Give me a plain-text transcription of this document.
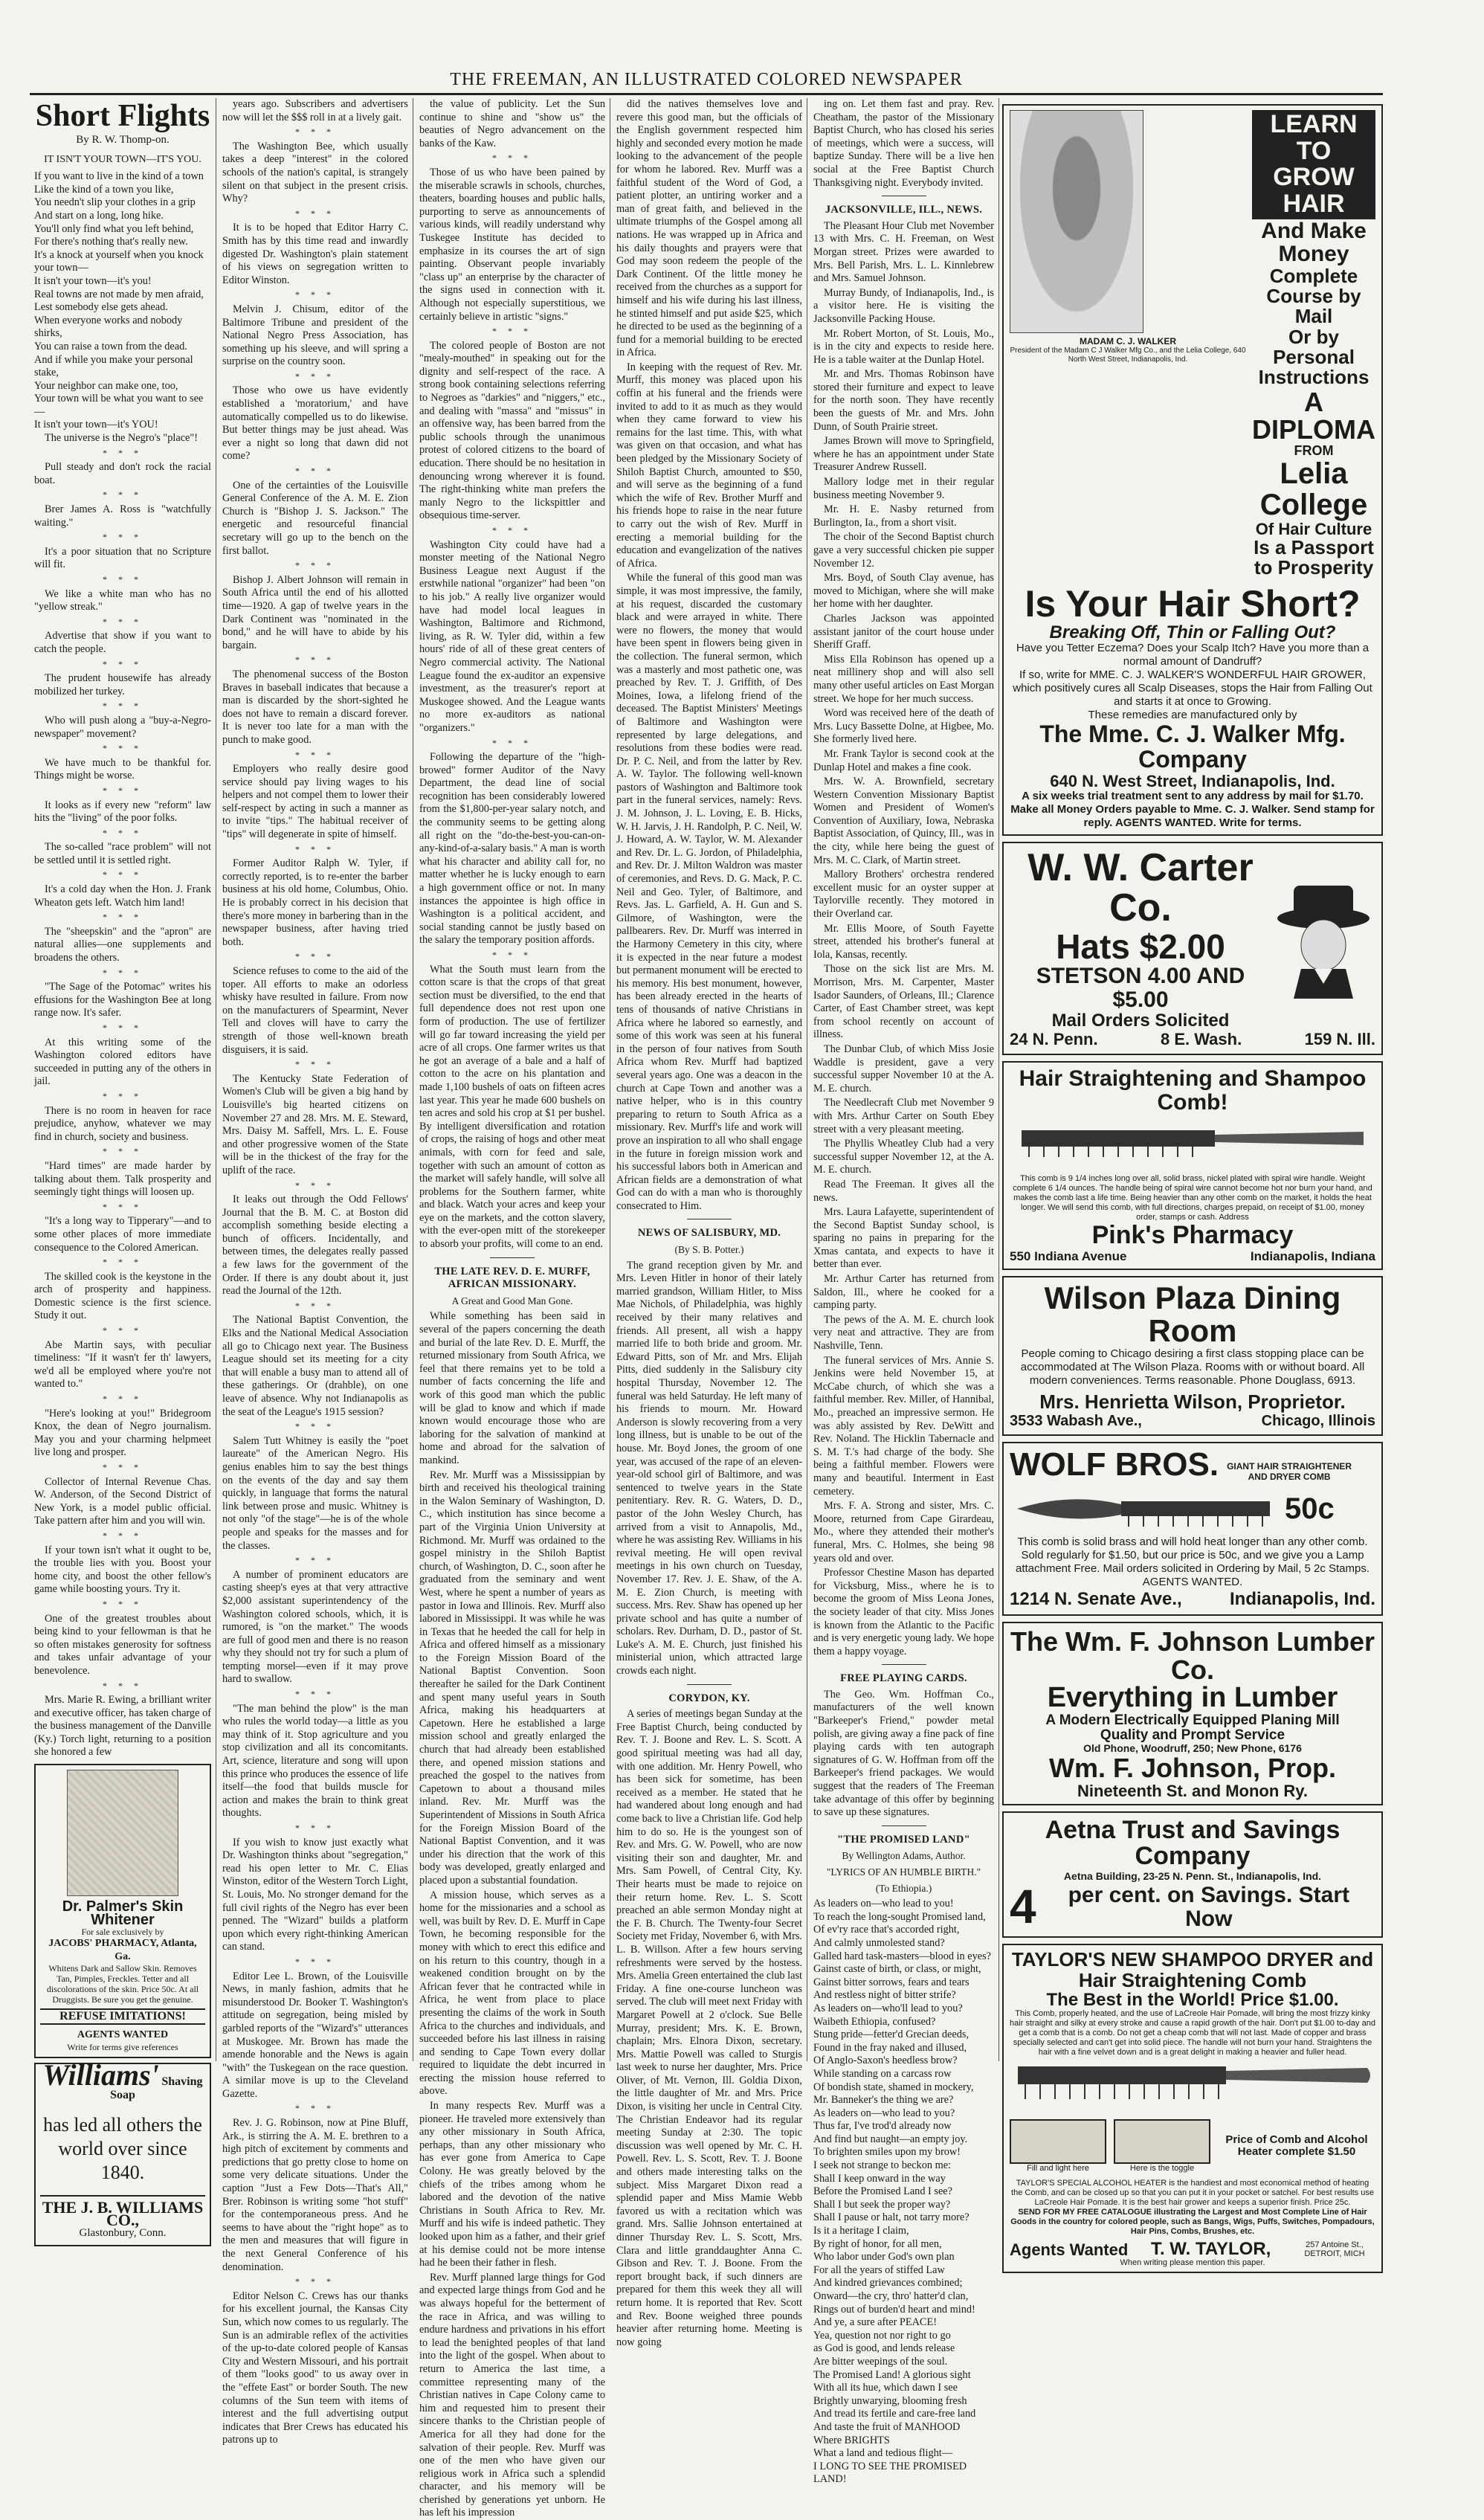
THE FREEMAN, AN ILLUSTRATED COLORED NEWSPAPER
Short Flights
By R. W. Thomp-on.
IT ISN'T YOUR TOWN—IT'S YOU.
If you want to live in the kind of a town
Like the kind of a town you like,
You needn't slip your clothes in a grip
And start on a long, long hike.
You'll only find what you left behind,
For there's nothing that's really new.
It's a knock at yourself when you knock your town—
It isn't your town—it's you!
Real towns are not made by men afraid,
Lest somebody else gets ahead.
When everyone works and nobody shirks,
You can raise a town from the dead.
And if while you make your personal stake,
Your neighbor can make one, too,
Your town will be what you want to see—
It isn't your town—it's YOU!

The universe is the Negro's "place"!

* * *

Pull steady and don't rock the racial boat.

* * *

Brer James A. Ross is "watchfully waiting."

* * *

It's a poor situation that no Scripture will fit.

* * *

We like a white man who has no "yellow streak."

* * *

Advertise that show if you want to catch the people.

* * *

The prudent housewife has already mobilized her turkey.

* * *

Who will push along a "buy-a-Negro-newspaper" movement?

* * *

We have much to be thankful for. Things might be worse.

* * *

It looks as if every new "reform" law hits the "living" of the poor folks.

* * *

The so-called "race problem" will not be settled until it is settled right.

* * *

It's a cold day when the Hon. J. Frank Wheaton gets left. Watch him land!

* * *

The "sheepskin" and the "apron" are natural allies—one supplements and broadens the others.

* * *

"The Sage of the Potomac" writes his effusions for the Washington Bee at long range now. It's safer.

* * *

At this writing some of the Washington colored editors have succeeded in putting any of the others in jail.

* * *

There is no room in heaven for race prejudice, anyhow, whatever we may find in church, society and business.

* * *

"Hard times" are made harder by talking about them. Talk prosperity and seemingly tight things will loosen up.

* * *

"It's a long way to Tipperary"—and to some other places of more immediate consequence to the Colored American.

* * *

The skilled cook is the keystone in the arch of prosperity and happiness. Domestic science is the first science. Study it out.

* * *

Abe Martin says, with peculiar timeliness: "If it wasn't fer th' lawyers, we'd all be employed where you're not wanted to."

* * *

"Here's looking at you!" Bridegroom Knox, the dean of Negro journalism. May you and your charming helpmeet live long and prosper.

* * *

Collector of Internal Revenue Chas. W. Anderson, of the Second District of New York, is a model public official. Take pattern after him and you will win.

* * *

If your town isn't what it ought to be, the trouble lies with you. Boost your home city, and boost the other fellow's game while boosting yours. Try it.

* * *

One of the greatest troubles about being kind to your fellowman is that he so often mistakes generosity for softness and takes unfair advantage of your benevolence.

* * *

Mrs. Marie R. Ewing, a brilliant writer and executive officer, has taken charge of the business management of the Danville (Ky.) Torch light, returning to a position she honored a few

Dr. Palmer's Skin Whitener
For sale exclusively by
JACOBS' PHARMACY, Atlanta, Ga.
Whitens Dark and Sallow Skin. Removes Tan, Pimples, Freckles. Tetter and all discolorations of the skin. Price 50c. At all Druggists. Be sure you get the genuine.
REFUSE IMITATIONS!
AGENTS WANTED
Write for terms give references
Williams' Shaving Soap
has led all others the world over since 1840.
THE J. B. WILLIAMS CO.,
Glastonbury, Conn.

years ago. Subscribers and advertisers now will let the $$$ roll in at a lively gait.

* * *

The Washington Bee, which usually takes a deep "interest" in the colored schools of the nation's capital, is strangely silent on that subject in the present crisis. Why?

* * *

It is to be hoped that Editor Harry C. Smith has by this time read and inwardly digested Dr. Washington's plain statement of his views on segregation written to Editor Winston.

* * *

Melvin J. Chisum, editor of the Baltimore Tribune and president of the National Negro Press Association, has something up his sleeve, and will spring a surprise on the country soon.

* * *

Those who owe us have evidently established a 'moratorium,' and have automatically compelled us to do likewise. But better things may be just ahead. Was ever a night so long that dawn did not come?

* * *

One of the certainties of the Louisville General Conference of the A. M. E. Zion Church is "Bishop J. S. Jackson." The energetic and resourceful financial secretary will go up to the bench on the first ballot.

* * *

Bishop J. Albert Johnson will remain in South Africa until the end of his allotted time—1920. A gap of twelve years in the Dark Continent was "nominated in the bond," and he will have to abide by his bargain.

* * *

The phenomenal success of the Boston Braves in baseball indicates that because a man is discarded by the short-sighted he does not have to remain a discard forever. It is never too late for a man with the punch to make good.

* * *

Employers who really desire good service should pay living wages to his helpers and not compel them to lower their self-respect by acting in such a manner as to invite "tips." The habitual receiver of "tips" will degenerate in spite of himself.

* * *

Former Auditor Ralph W. Tyler, if correctly reported, is to re-enter the barber business at his old home, Columbus, Ohio. He is probably correct in his decision that there's more money in barbering than in the newspaper business, after having tried both.

* * *

Science refuses to come to the aid of the toper. All efforts to make an odorless whisky have resulted in failure. From now on the manufacturers of Spearmint, Never Tell and cloves will have to carry the strength of those well-known breath disguisers, it is said.

* * *

The Kentucky State Federation of Women's Club will be given a big hand by Louisville's big hearted citizens on November 27 and 28. Mrs. M. E. Steward, Mrs. Daisy M. Saffell, Mrs. L. E. Fouse and other progressive women of the State will be in the thickest of the fray for the uplift of the race.

* * *

It leaks out through the Odd Fellows' Journal that the B. M. C. at Boston did accomplish something beside electing a bunch of officers. Incidentally, and between times, the delegates really passed a few laws for the government of the Order. If there is any doubt about it, just read the Journal of the 12th.

* * *

The National Baptist Convention, the Elks and the National Medical Association all go to Chicago next year. The Business League should set its meeting for a city that will enable a busy man to attend all of these gatherings. Or (drahble), on one leave of absence. Why not Indianapolis as the seat of the League's 1915 session?

* * *

Salem Tutt Whitney is easily the "poet laureate" of the American Negro. His genius enables him to say the best things on the events of the day and say them quickly, in language that forms the natural link between prose and music. Whitney is not only "of the stage"—he is of the whole people and speaks for the masses and for the classes.

* * *

A number of prominent educators are casting sheep's eyes at that very attractive $2,000 assistant superintendency of the Washington colored schools, which, it is rumored, is "on the market." The woods are full of good men and there is no reason why they should not try for such a plum of tempting morsel—even if it may prove hard to swallow.

* * *

"The man behind the plow" is the man who rules the world today—a little as you may think of it. Stop agriculture and you stop civilization and all its concomitants. Art, science, literature and song will upon this prince who produces the essence of life itself—the food that builds muscle for action and makes the brain to think great thoughts.

* * *

If you wish to know just exactly what Dr. Washington thinks about "segregation," read his open letter to Mr. C. Elias Winston, editor of the Western Torch Light, St. Louis, Mo. No stronger demand for the full civil rights of the Negro has ever been penned. The "Wizard" builds a platform upon which every right-thinking American can stand.

* * *

Editor Lee L. Brown, of the Louisville News, in manly fashion, admits that he misunderstood Dr. Booker T. Washington's attitude on segregation, being misled by garbled reports of the "Wizard's" utterances at Muskogee. Mr. Brown has made the amende honorable and the News is again "with" the Tuskegean on the race question. A similar move is up to the Cleveland Gazette.

* * *

Rev. J. G. Robinson, now at Pine Bluff, Ark., is stirring the A. M. E. brethren to a high pitch of excitement by comments and predictions that go pretty close to home on some very delicate situations. Under the caption "Just a Few Dots—That's All," Brer. Robinson is writing some "hot stuff" for the contemporaneous press. And he seems to have about the "right hope" as to the men and measures that will figure in the next General Conference of his denomination.

* * *

Editor Nelson C. Crews has our thanks for his excellent journal, the Kansas City Sun, which now comes to us regularly. The Sun is an admirable reflex of the activities of the up-to-date colored people of Kansas City and Western Missouri, and his portrait of them "looks good" to us away over in the "effete East" or border South. The new columns of the Sun teem with items of interest and the full advertising output indicates that Brer Crews has educated his patrons up to

the value of publicity. Let the Sun continue to shine and "show us" the beauties of Negro advancement on the banks of the Kaw.

* * *

Those of us who have been pained by the miserable scrawls in schools, churches, theaters, boarding houses and public halls, purporting to serve as announcements of various kinds, will readily understand why Tuskegee Institute has decided to emphasize in its courses the art of sign painting. Observant people invariably "class up" an enterprise by the character of the signs used in connection with it. Although not especially superstitious, we certainly believe in artistic "signs."

* * *

The colored people of Boston are not "mealy-mouthed" in speaking out for the dignity and self-respect of the race. A strong book containing selections referring to Negroes as "darkies" and "niggers," etc., and dealing with "massa" and "missus" in an offensive way, has been barred from the public schools through the unanimous protest of colored citizens to the board of education. There should be no hesitation in denouncing wrong wherever it is found. The right-thinking white man prefers the manly Negro to the lickspittler and obsequious time-server.

* * *

Washington City could have had a monster meeting of the National Negro Business League next August if the erstwhile national "organizer" had been "on to his job." A really live organizer would have had model local leagues in Washington, Baltimore and Richmond, living, as R. W. Tyler did, within a few hours' ride of all of these great centers of Negro commercial activity. The National League found the ex-auditor an expensive investment, as the treasurer's report at Muskogee showed. And the League wants no more ex-auditors as national "organizers."

* * *

Following the departure of the "high-browed" former Auditor of the Navy Department, the dead line of social recognition has been considerably lowered from the $1,800-per-year salary notch, and the community seems to be getting along all right on the "do-the-best-you-can-on-any-kind-of-a-salary basis." A man is worth what his character and ability call for, no matter whether he is lucky enough to earn a high government office or not. In many instances the appointee is high office in Washington is a political accident, and social standing cannot be justly based on the salary the temporary position affords.

* * *

What the South must learn from the cotton scare is that the crops of that great section must be diversified, to the end that full dependence does not rest upon one form of production. The use of fertilizer will go far toward increasing the yield per acre of all crops. One farmer writes us that he got an average of a bale and a half of cotton to the acre on his plantation and made 1,100 bushels of oats on fifteen acres last year. This year he made 600 bushels on ten acres and sold his crop at $1 per bushel. By intelligent diversification and rotation of crops, the raising of hogs and other meat animals, with corn for feed and sale, together with such an amount of cotton as the market will safely handle, will solve all problems for the Southern farmer, white and black. Watch your acres and keep your eye on the markets, and the cotton slavery, with the ever-open mitt of the storekeeper to absorb your profits, will come to an end.

THE LATE REV. D. E. MURFF, AFRICAN MISSIONARY.
A Great and Good Man Gone.

While something has been said in several of the papers concerning the death and burial of the late Rev. D. E. Murff, the returned missionary from South Africa, we feel that there remains yet to be told a number of facts concerning the life and work of this good man which the public will be glad to know and which if made known would encourage those who are laboring for the salvation of mankind at home and abroad for the salvation of mankind.

Rev. Mr. Murff was a Mississippian by birth and received his theological training in the Walon Seminary of Washington, D. C., which institution has since become a part of the Virginia Union University at Richmond. Mr. Murff was ordained to the gospel ministry in the Shiloh Baptist church, of Washington, D. C., soon after he graduated from the seminary and went West, where he spent a number of years as pastor in Iowa and Illinois. Rev. Murff also labored in Mississippi. It was while he was in Texas that he heeded the call for help in Africa and offered himself as a missionary to the Foreign Mission Board of the National Baptist Convention. Soon thereafter he sailed for the Dark Continent and spent many useful years in South Africa, making his headquarters at Capetown. Here he established a large mission school and greatly enlarged the church that had already been established there, and opened mission stations and preached the gospel to the natives from Capetown to about a thousand miles inland. Rev. Mr. Murff was the Superintendent of Missions in South Africa for the Foreign Mission Board of the National Baptist Convention, and it was under his direction that the work of this body was developed, greatly enlarged and placed upon a substantial foundation.

A mission house, which serves as a home for the missionaries and a school as well, was built by Rev. D. E. Murff in Cape Town, he becoming responsible for the money with which to erect this edifice and on his return to this country, though in a weakened condition brought on by the African fever that he contracted while in Africa, he went from place to place presenting the claims of the work in South Africa to the churches and individuals, and succeeded before his last illness in raising and sending to Cape Town every dollar required to liquidate the debt incurred in erecting the mission house referred to above.

In many respects Rev. Murff was a pioneer. He traveled more extensively than any other missionary in South Africa, perhaps, than any other missionary who has ever gone from America to Cape Colony. He was greatly beloved by the chiefs of the tribes among whom he labored and the devotion of the native Christians in South Africa to Rev. Mr. Murff and his wife is indeed pathetic. They looked upon him as a father, and their grief at his demise could not be more intense had he been their father in flesh.

Rev. Murff planned large things for God and expected large things from God and he was always hopeful for the betterment of the race in Africa, and was willing to endure hardness and privations in his effort to lead the benighted peoples of that land into the light of the gospel. When about to return to America the last time, a committee representing many of the Christian natives in Cape Colony came to him and requested him to present their sincere thanks to the Christian people of America for all they had done for the salvation of their people. Rev. Murff was one of the men who have given our religious work in Africa such a splendid character, and his memory will be cherished by generations yet unborn. He has left his impression

did the natives themselves love and revere this good man, but the officials of the English government respected him highly and seconded every motion he made looking to the advancement of the people for whom he labored. Rev. Murff was a faithful student of the Word of God, a patient plotter, an untiring worker and a man of great faith, and believed in the ultimate triumphs of the Gospel among all nations. He was wrapped up in Africa and his daily thoughts and prayers were that God may soon redeem the people of the Dark Continent. Of the little money he received from the churches as a support for himself and his wife during his last illness, he stinted himself and put aside $25, which he directed to be used as the beginning of a fund for a memorial building to be erected in Africa.

In keeping with the request of Rev. Mr. Murff, this money was placed upon his coffin at his funeral and the friends were invited to add to it as much as they would when they came forward to view his remains for the last time. This, with what was given on that occasion, and what has been pledged by the Missionary Society of Shiloh Baptist Church, amounted to $50, and will serve as the beginning of a fund which the wife of Rev. Brother Murff and his friends hope to raise in the near future to carry out the wish of Rev. Murff in erecting a memorial building for the education and evangelization of the natives of Africa.

While the funeral of this good man was simple, it was most impressive, the family, at his request, discarded the customary black and were arrayed in white. There were no flowers, the money that would have been spent in flowers being given in the collection. The funeral sermon, which was a masterly and most pathetic one, was preached by Rev. T. J. Griffith, of Des Moines, Iowa, a lifelong friend of the deceased. The Baptist Ministers' Meetings of Baltimore and Washington were represented by large delegations, and resolutions from these bodies were read. Dr. P. C. Neil, and from the latter by Rev. A. W. Taylor. The following well-known pastors of Washington and Baltimore took part in the funeral services, namely: Revs. J. M. Johnson, J. L. Loving, E. B. Hicks, W. H. Jarvis, J. H. Randolph, P. C. Neil, W. J. Howard, A. W. Taylor, W. M. Alexander and Rev. Dr. L. G. Jordon, of Philadelphia, and Rev. Dr. J. Milton Waldron was master of ceremonies, and Revs. D. G. Mack, P. C. Neil and Geo. Tyler, of Baltimore, and Revs. Jas. L. Garfield, A. H. Gun and S. Gilmore, of Washington, were the pallbearers. Rev. Dr. Murff was interred in the Harmony Cemetery in this city, where it is expected in the near future a modest but permanent monument will be erected to his memory. His best monument, however, has been already erected in the hearts of tens of thousands of native Christians in Africa where he labored so earnestly, and some of this work was seen at his funeral in the person of four natives from South Africa whom Rev. Murff had baptized several years ago. One was a deacon in the church at Cape Town and another was a native helper, who is in this country preparing to return to South Africa as a missionary. Rev. Murff's life and work will prove an inspiration to all who shall engage in the future in foreign mission work and his successful labors both in American and African fields are a demonstration of what God can do with a man who is thoroughly consecrated to Him.

NEWS OF SALISBURY, MD.
(By S. B. Potter.)

The grand reception given by Mr. and Mrs. Leven Hitler in honor of their lately married grandson, William Hitler, to Miss Mae Nichols, of Philadelphia, was highly received by their many relatives and friends. All present, all wish a happy married life to both bride and groom. Mr. Edward Pitts, son of Mr. and Mrs. Elijah Pitts, died suddenly in the Salisbury city hospital Thursday, November 12. The funeral was held Saturday. He left many of his friends to mourn. Mr. Howard Anderson is slowly recovering from a very long illness, but is unable to be out of the house. Mr. Boyd Jones, the groom of one year, was accused of the rape of an eleven-year-old school girl of Baltimore, and was sentenced to twelve years in the State penitentiary. Rev. R. G. Waters, D. D., pastor of the John Wesley Church, has arrived from a visit to Annapolis, Md., where he was assisting Rev. Williams in his revival meeting. He will open revival meetings in his own church on Tuesday, November 17. Rev. J. E. Shaw, of the A. M. E. Zion Church, is meeting with success. Mrs. Rev. Shaw has opened up her private school and has quite a number of scholars. Rev. Durham, D. D., pastor of St. Luke's A. M. E. Church, just finished his ministerial union, which attracted large crowds each night.

CORYDON, KY.

A series of meetings began Sunday at the Free Baptist Church, being conducted by Rev. T. J. Boone and Rev. L. S. Scott. A good spiritual meeting was had all day, with one addition. Mr. Henry Powell, who has been sick for sometime, has been received as a member. He stated that he had wandered about long enough and had come back to live a Christian life. God help him to do so. He is the youngest son of Rev. and Mrs. G. W. Powell, who are now visiting their son and daughter, Mr. and Mrs. Sam Powell, of Central City, Ky. Their hearts must be made to rejoice on their return home. Rev. L. S. Scott preached an able sermon Monday night at the F. B. Church. The Twenty-four Secret Society met Friday, November 6, with Mrs. L. B. Willson. After a few hours serving refreshments were served by the hostess. Mrs. Amelia Green entertained the club last Friday. A fine one-course luncheon was served. The club will meet next Friday with Margaret Powell at 2 o'clock. Sue Belle Murray, president; Mrs. K. E. Brown, chaplain; Mrs. Elnora Dixon, secretary. Mrs. Mattie Powell was called to Sturgis last week to nurse her daughter, Mrs. Price Oliver, of Mt. Vernon, Ill. Goldia Dixon, the little daughter of Mr. and Mrs. Price Dixon, is visiting her uncle in Central City. The Christian Endeavor had its regular meeting Sunday at 2:30. The topic discussion was well opened by Mr. C. H. Powell. Rev. L. S. Scott, Rev. T. J. Boone and others made interesting talks on the subject. Miss Margaret Dixon read a splendid paper and Miss Mamie Webb favored us with a recitation which was grand. Mrs. Sallie Johnson entertained at dinner Thursday Rev. L. S. Scott, Mrs. Clara and little granddaughter Anna C. Gibson and Rev. T. J. Boone. From the report brought back, if such dinners are prepared for them this week they all will return home. It is reported that Rev. Scott and Rev. Boone weighed three pounds heavier after returning home. Meeting is now going

ing on. Let them fast and pray. Rev. Cheatham, the pastor of the Missionary Baptist Church, who has closed his series of meetings, which were a success, will baptize Sunday. There will be a live hen social at the Free Baptist Church Thanksgiving night. Everybody invited.

JACKSONVILLE, ILL., NEWS.

The Pleasant Hour Club met November 13 with Mrs. C. H. Freeman, on West Morgan street. Prizes were awarded to Mrs. Bell Parish, Mrs. L. L. Kinnlebrew and Mrs. Samuel Johnson.

Murray Bundy, of Indianapolis, Ind., is a visitor here. He is visiting the Jacksonville Packing House.

Mr. Robert Morton, of St. Louis, Mo., is in the city and expects to reside here. He is a table waiter at the Dunlap Hotel.

Mr. and Mrs. Thomas Robinson have stored their furniture and expect to leave for the north soon. They have recently been the guests of Mr. and Mrs. John Dunn, of South Prairie street.

James Brown will move to Springfield, where he has an appointment under State Treasurer Andrew Russell.

Mallory lodge met in their regular business meeting November 9.

Mr. H. E. Nasby returned from Burlington, Ia., from a short visit.

The choir of the Second Baptist church gave a very successful chicken pie supper November 12.

Mrs. Boyd, of South Clay avenue, has moved to Michigan, where she will make her home with her daughter.

Charles Jackson was appointed assistant janitor of the court house under Sheriff Graff.

Miss Ella Robinson has opened up a neat millinery shop and will also sell many other useful articles on East Morgan street. We hope for her much success.

Word was received here of the death of Mrs. Lucy Bassette Dolne, at Higbee, Mo. She formerly lived here.

Mr. Frank Taylor is second cook at the Dunlap Hotel and makes a fine cook.

Mrs. W. A. Brownfield, secretary Western Convention Missionary Baptist Women and President of Women's Convention of Auxiliary, Iowa, Nebraska Baptist Association, of Quincy, Ill., was in the city, while here being the guest of Mrs. M. C. Clark, of Martin street.

Mallory Brothers' orchestra rendered excellent music for an oyster supper at Taylorville recently. They motored in their Overland car.

Mr. Ellis Moore, of South Fayette street, attended his brother's funeral at Iola, Kansas, recently.

Those on the sick list are Mrs. M. Morrison, Mrs. M. Carpenter, Master Isador Saunders, of Orleans, Ill.; Clarence Carter, of East Chamber street, was kept from school recently on account of illness.

The Dunbar Club, of which Miss Josie Waddle is president, gave a very successful supper November 10 at the A. M. E. church.

The Needlecraft Club met November 9 with Mrs. Arthur Carter on South Ebey street with a very pleasant meeting.

The Phyllis Wheatley Club had a very successful supper November 12, at the A. M. E. church.

Read The Freeman. It gives all the news.

Mrs. Laura Lafayette, superintendent of the Second Baptist Sunday school, is sparing no pains in preparing for the Xmas cantata, and expects to have it better than ever.

Mr. Arthur Carter has returned from Saldon, Ill., where he cooked for a camping party.

The pews of the A. M. E. church look very neat and attractive. They are from Nashville, Tenn.

The funeral services of Mrs. Annie S. Jenkins were held November 15, at McCabe church, of which she was a faithful member. Rev. Miller, of Hannibal, Mo., preached an impressive sermon. He was ably assisted by Rev. DeWitt and Rev. Noland. The Hicklin Tabernacle and S. M. T.'s had charge of the body. She being a faithful member. Flowers were many and beautiful. Interment in East cemetery.

Mrs. F. A. Strong and sister, Mrs. C. Moore, returned from Cape Girardeau, Mo., where they attended their mother's funeral, Mrs. C. Holmes, she being 98 years old and over.

Professor Chestine Mason has departed for Vicksburg, Miss., where he is to become the groom of Miss Leona Jones, the society leader of that city. Miss Jones is known from the Atlantic to the Pacific and is very energetic young lady. We hope them a happy voyage.

FREE PLAYING CARDS.

The Geo. Wm. Hoffman Co., manufacturers of the well known "Barkeeper's Friend," powder metal polish, are giving away a fine pack of fine playing cards with ten autograph signatures of G. W. Hoffman from off the Barkeeper's friend packages. We would suggest that the readers of The Freeman take advantage of this offer by beginning to save up these signatures.

"THE PROMISED LAND"
By Wellington Adams, Author.
"LYRICS OF AN HUMBLE BIRTH."
(To Ethiopia.)
As leaders on—who lead to you!
To reach the long-sought Promised land,
Of ev'ry race that's accorded right,
And calmly unmolested stand?
Galled hard task-masters—blood in eyes?
Gainst caste of birth, or class, or might,
Gainst bitter sorrows, fears and tears
And restless night of bitter strife?
As leaders on—who'll lead to you?
Waibeth Ethiopia, confused?
Stung pride—fetter'd Grecian deeds,
Found in the fray naked and illused,
Of Anglo-Saxon's heedless brow?
While standing on a carcass row
Of bondish state, shamed in mockery,
Mr. Banneker's the thing we are?
As leaders on—who lead to you?
Thus far, I've trod'd already now
And find but naught—an empty joy.
To brighten smiles upon my brow!
I seek not strange to beckon me:
Shall I keep onward in the way
Before the Promised Land I see?
Shall I but seek the proper way?
Shall I pause or halt, not tarry more?
Is it a heritage I claim,
By right of honor, for all men,
Who labor under God's own plan
For all the years of stiffed Law
And kindred grievances combined;
Onward—the cry, thro' hatter'd clan,
Rings out of burden'd heart and mind!
And ye, a sure after PEACE!
Yea, question not nor right to go
as God is good, and lends release
Are bitter weepings of the soul.
The Promised Land! A glorious sight
With all its hue, which dawn I see
Brightly unwarying, blooming fresh
And tread its fertile and care-free land
And taste the fruit of MANHOOD
Where BRIGHTS
What a land and tedious flight—
I LONG TO SEE THE PROMISED LAND!
MADAM C. J. WALKER
President of the Madam C J Walker Mfg Co., and the Lelia College, 640 North West Street, Indianapolis, Ind.
LEARN TO GROW HAIR
And Make Money
Complete Course by Mail
Or by Personal Instructions
A DIPLOMA
FROM
Lelia College
Of Hair Culture
Is a Passport to Prosperity
Is Your Hair Short?
Breaking Off, Thin or Falling Out?

Have you Tetter Eczema? Does your Scalp Itch? Have you more than a normal amount of Dandruff?

If so, write for MME. C. J. WALKER'S WONDERFUL HAIR GROWER, which positively cures all Scalp Diseases, stops the Hair from Falling Out and starts it at once to Growing.

These remedies are manufactured only by

The Mme. C. J. Walker Mfg. Company
640 N. West Street, Indianapolis, Ind.

A six weeks trial treatment sent to any address by mail for $1.70. Make all Money Orders payable to Mme. C. J. Walker. Send stamp for reply. AGENTS WANTED. Write for terms.

W. W. Carter Co.
Hats $2.00
STETSON 4.00 AND $5.00
Mail Orders Solicited
24 N. Penn.	8 E. Wash.	159 N. Ill.
Hair Straightening and Shampoo Comb!

This comb is 9 1/4 inches long over all, solid brass, nickel plated with spiral wire handle. Weight complete 6 1/4 ounces. The handle being of spiral wire cannot become hot nor burn your hand, and makes the comb last a life time. Being heavier than any other comb on the market, it holds the heat longer. We will send this comb, with full directions, charges prepaid, on receipt of $1.00, money order, stamps or cash. Address

Pink's Pharmacy
550 Indiana Avenue	Indianapolis, Indiana
Wilson Plaza Dining Room

People coming to Chicago desiring a first class stopping place can be accommodated at The Wilson Plaza. Rooms with or without board. All modern conveniences. Terms reasonable. Phone Douglass, 6913.

Mrs. Henrietta Wilson, Proprietor.
3533 Wabash Ave.,	Chicago, Illinois
WOLF BROS. GIANT HAIR STRAIGHTENER AND DRYER COMB
50c

This comb is solid brass and will hold heat longer than any other comb. Sold regularly for $1.50, but our price is 50c, and we give you a Lamp attachment Free. Mail orders solicited in Ordering by Mail, 5 2c Stamps. AGENTS WANTED.

1214 N. Senate Ave.,	Indianapolis, Ind.
The Wm. F. Johnson Lumber Co.
Everything in Lumber
A Modern Electrically Equipped Planing Mill
Quality and Prompt Service
Old Phone, Woodruff, 250; New Phone, 6176
Wm. F. Johnson, Prop.
Nineteenth St. and Monon Ry.
Aetna Trust and Savings Company
Aetna Building, 23-25 N. Penn. St., Indianapolis, Ind.
4	per cent. on Savings. Start Now
TAYLOR'S NEW SHAMPOO DRYER and Hair Straightening Comb
The Best in the World! Price $1.00.

This Comb, properly heated, and the use of LaCreole Hair Pomade, will bring the most frizzy kinky hair straight and silky at every stroke and cause a rapid growth of the hair. Don't put $1.00 to-day and get a comb that is a comb. Do not get a cheap comb that will not last. Made of copper and brass specially selected and can't get into solid piece. The handle will not burn your hand. Straightens the hair with a fine velvet down and is a great delight in making a heavier and fuller head.

Fill and light here	Here is the toggle
Price of Comb and Alcohol Heater complete $1.50

TAYLOR'S SPECIAL ALCOHOL HEATER is the handiest and most economical method of heating the Comb, and can be closed up so that you can put it in your pocket or satchel. For best results use LaCreole Hair Pomade. It is the best hair grower and keeps a superior finish. Price 25c.

SEND FOR MY FREE CATALOGUE illustrating the Largest and Most Complete Line of Hair Goods in the country for colored people, such as Bangs, Wigs, Puffs, Switches, Pompadours, Hair Pins, Combs, Brushes, etc.

Agents Wanted T. W. TAYLOR,	257 Antoine St., DETROIT, MICH
When writing please mention this paper.
